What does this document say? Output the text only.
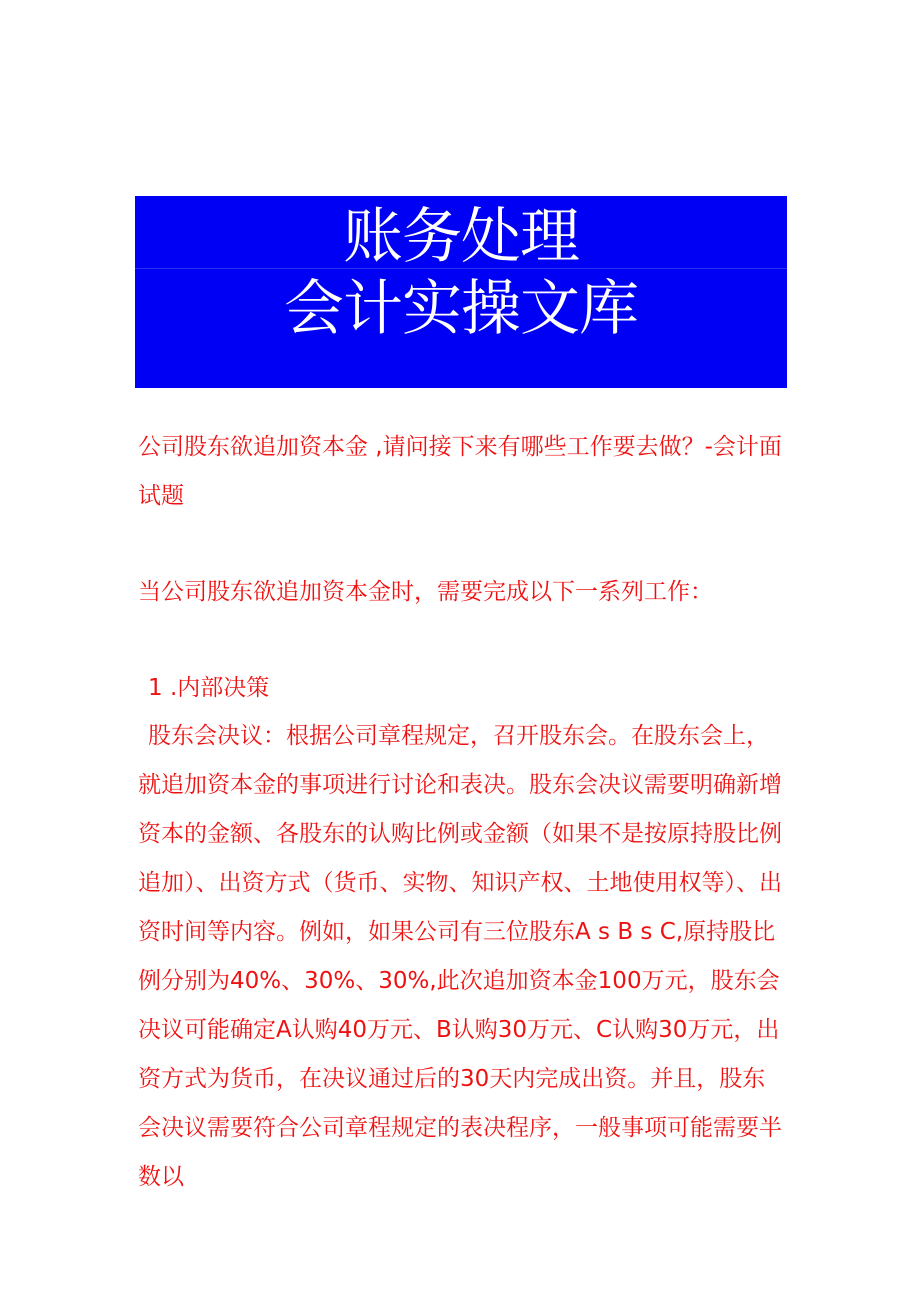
账务处理
会计实操文库
公司股东欲追加资本金 ,请问接下来有哪些工作要去做？-会计面试题
当公司股东欲追加资本金时，需要完成以下一系列工作：
1 .内部决策
股东会决议：根据公司章程规定，召开股东会。在股东会上，就追加资本金的事项进行讨论和表决。股东会决议需要明确新增资本的金额、各股东的认购比例或金额（如果不是按原持股比例追加）、出资方式（货币、实物、知识产权、土地使用权等）、出资时间等内容。例如，如果公司有三位股东A s B s C,原持股比例分别为40%、30%、30%,此次追加资本金100万元，股东会决议可能确定A认购40万元、B认购30万元、C认购30万元，出资方式为货币，在决议通过后的30天内完成出资。并且，股东会决议需要符合公司章程规定的表决程序，一般事项可能需要半数以
